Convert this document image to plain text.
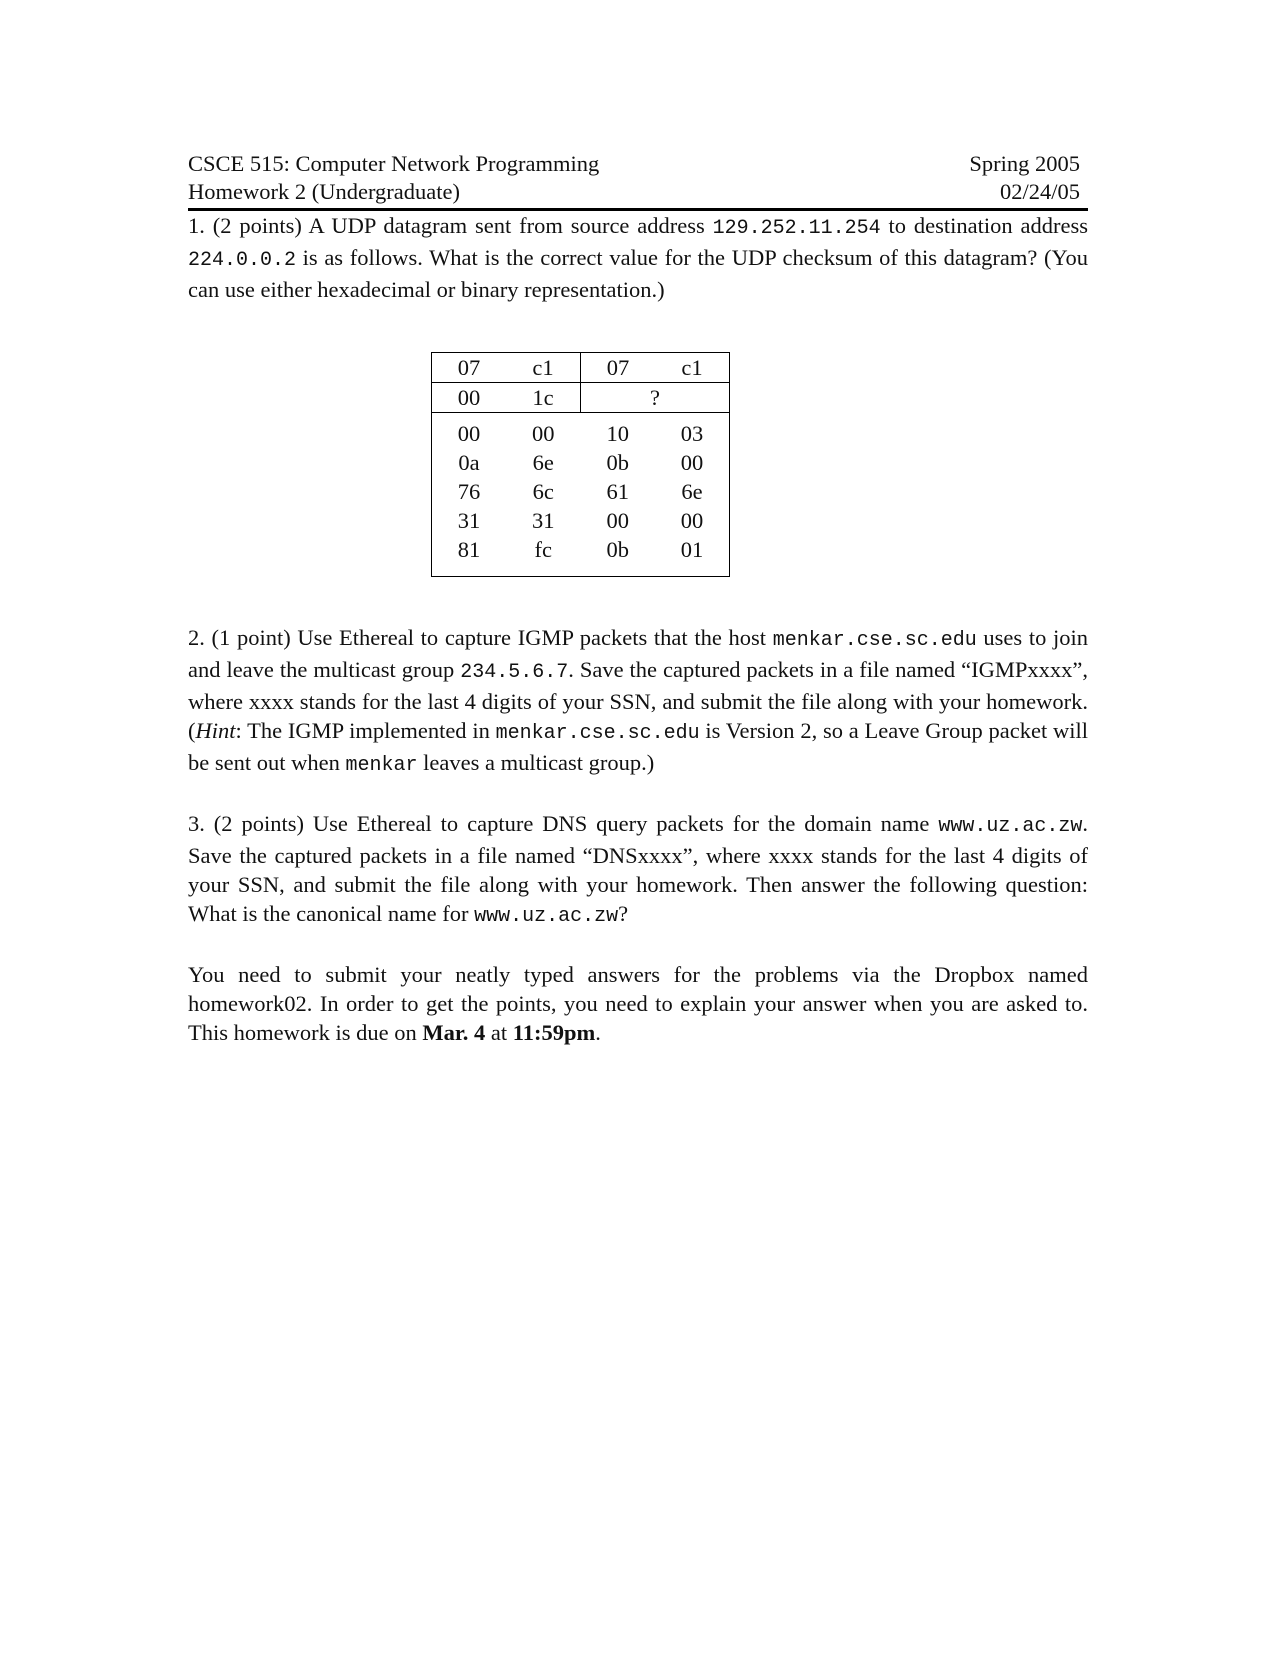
CSCE 515: Computer Network Programming	Spring 2005
Homework 2 (Undergraduate)	02/24/05

1. (2 points) A UDP datagram sent from source address 129.252.11.254 to destination address 224.0.0.2 is as follows. What is the correct value for the UDP checksum of this datagram? (You can use either hexadecimal or binary representation.)

07	c1	07	c1
00	1c	?	
00	00	10	03
0a	6e	0b	00
76	6c	61	6e
31	31	00	00
81	fc	0b	01

2. (1 point) Use Ethereal to capture IGMP packets that the host menkar.cse.sc.edu uses to join and leave the multicast group 234.5.6.7. Save the captured packets in a file named “IGMPxxxx”, where xxxx stands for the last 4 digits of your SSN, and submit the file along with your homework. (Hint: The IGMP implemented in menkar.cse.sc.edu is Version 2, so a Leave Group packet will be sent out when menkar leaves a multicast group.)

3. (2 points) Use Ethereal to capture DNS query packets for the domain name www.uz.ac.zw. Save the captured packets in a file named “DNSxxxx”, where xxxx stands for the last 4 digits of your SSN, and submit the file along with your homework. Then answer the following question: What is the canonical name for www.uz.ac.zw?

You need to submit your neatly typed answers for the problems via the Dropbox named homework02. In order to get the points, you need to explain your answer when you are asked to. This homework is due on Mar. 4 at 11:59pm.
